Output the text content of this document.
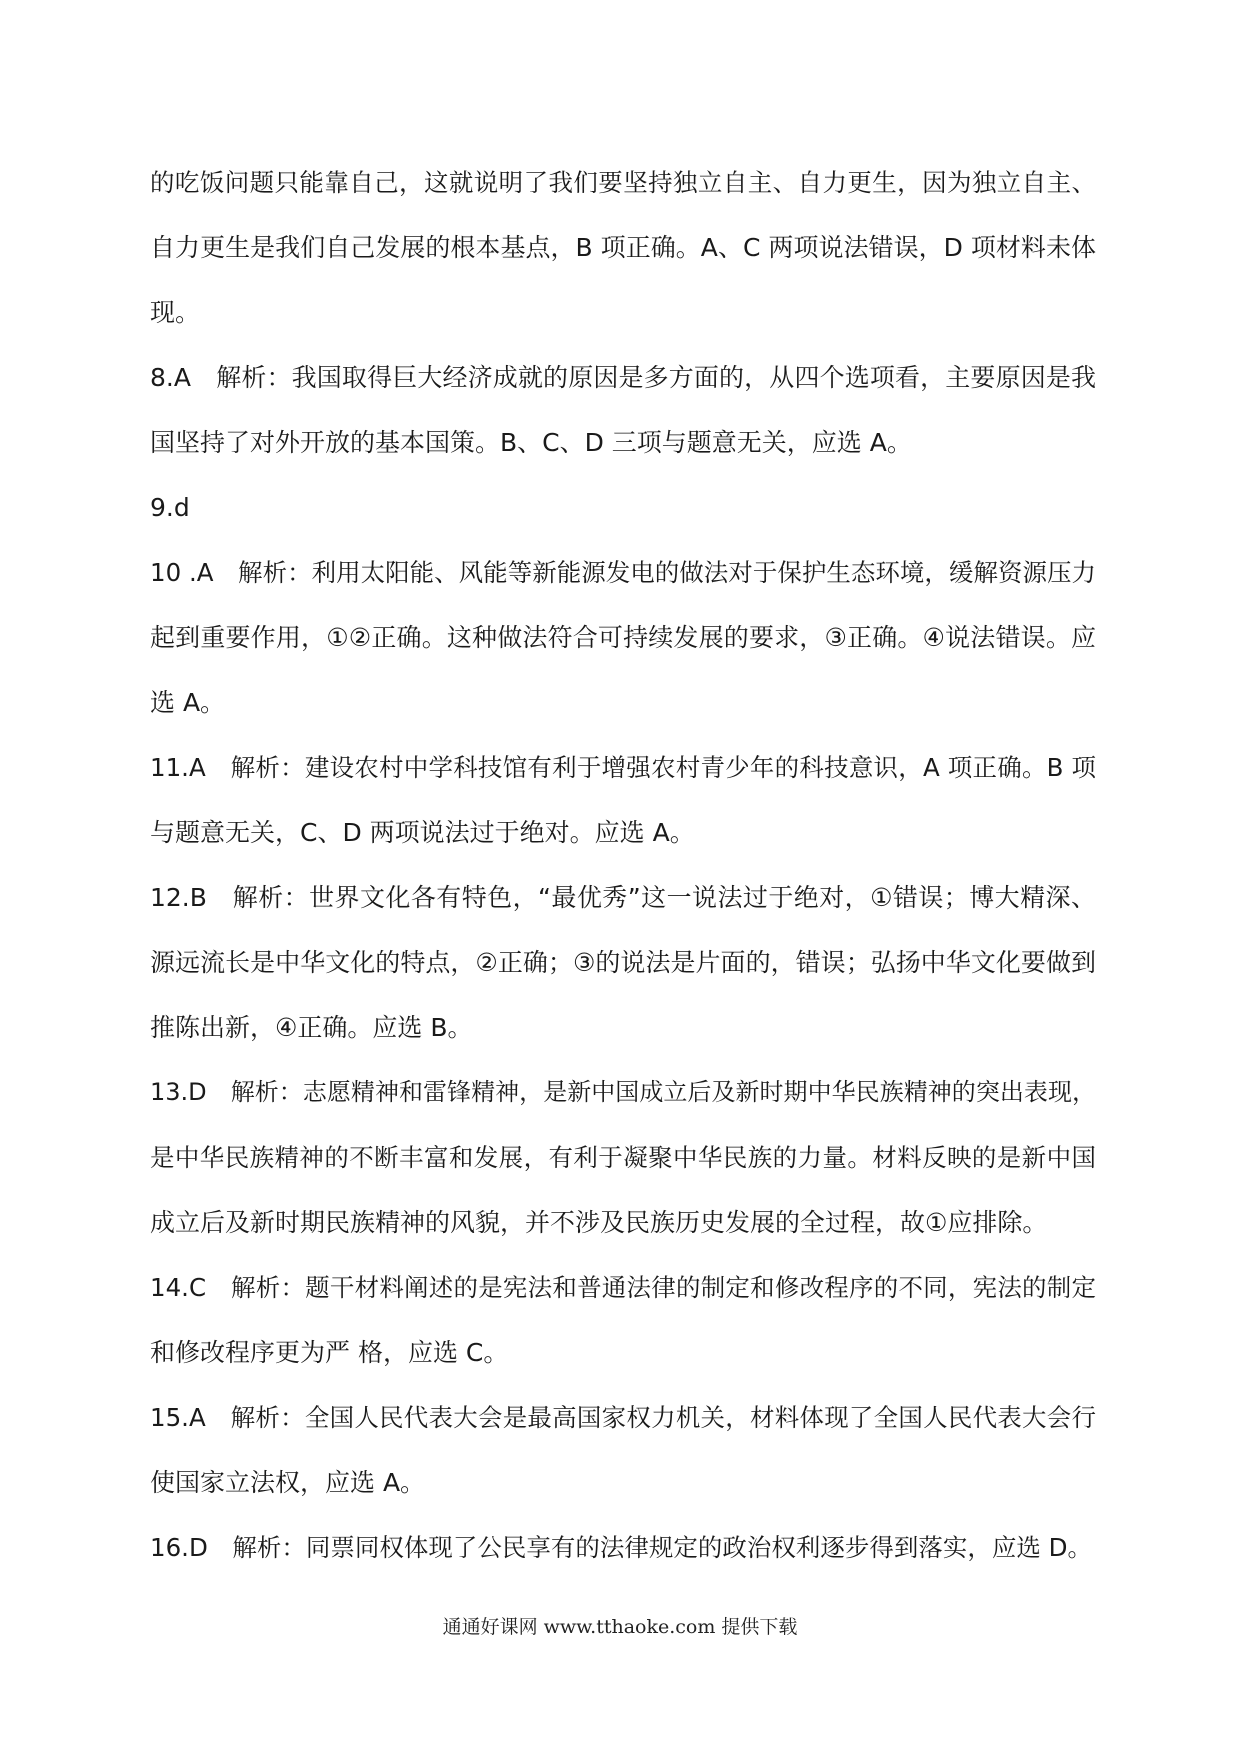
的吃饭问题只能靠自己，这就说明了我们要坚持独立自主、自力更生，因为独立自主、
自力更生是我们自己发展的根本基点，B 项正确。A、C 两项说法错误，D 项材料未体
现。
8.A　解析：我国取得巨大经济成就的原因是多方面的，从四个选项看，主要原因是我
国坚持了对外开放的基本国策。B、C、D 三项与题意无关，应选 A。
9.d
10 .A　解析：利用太阳能、风能等新能源发电的做法对于保护生态环境，缓解资源压力
起到重要作用，①②正确。这种做法符合可持续发展的要求，③正确。④说法错误。应
选 A。
11.A　解析：建设农村中学科技馆有利于增强农村青少年的科技意识，A 项正确。B 项
与题意无关，C、D 两项说法过于绝对。应选 A。
12.B　解析：世界文化各有特色，“最优秀”这一说法过于绝对，①错误；博大精深、
源远流长是中华文化的特点，②正确；③的说法是片面的，错误；弘扬中华文化要做到
推陈出新，④正确。应选 B。
13.D　解析：志愿精神和雷锋精神，是新中国成立后及新时期中华民族精神的突出表现，
是中华民族精神的不断丰富和发展，有利于凝聚中华民族的力量。材料反映的是新中国
成立后及新时期民族精神的风貌，并不涉及民族历史发展的全过程，故①应排除。
14.C　解析：题干材料阐述的是宪法和普通法律的制定和修改程序的不同，宪法的制定
和修改程序更为严 格，应选 C。
15.A　解析：全国人民代表大会是最高国家权力机关，材料体现了全国人民代表大会行
使国家立法权，应选 A。
16.D　解析：同票同权体现了公民享有的法律规定的政治权利逐步得到落实，应选 D。
通通好课网 www.tthaoke.com 提供下载
